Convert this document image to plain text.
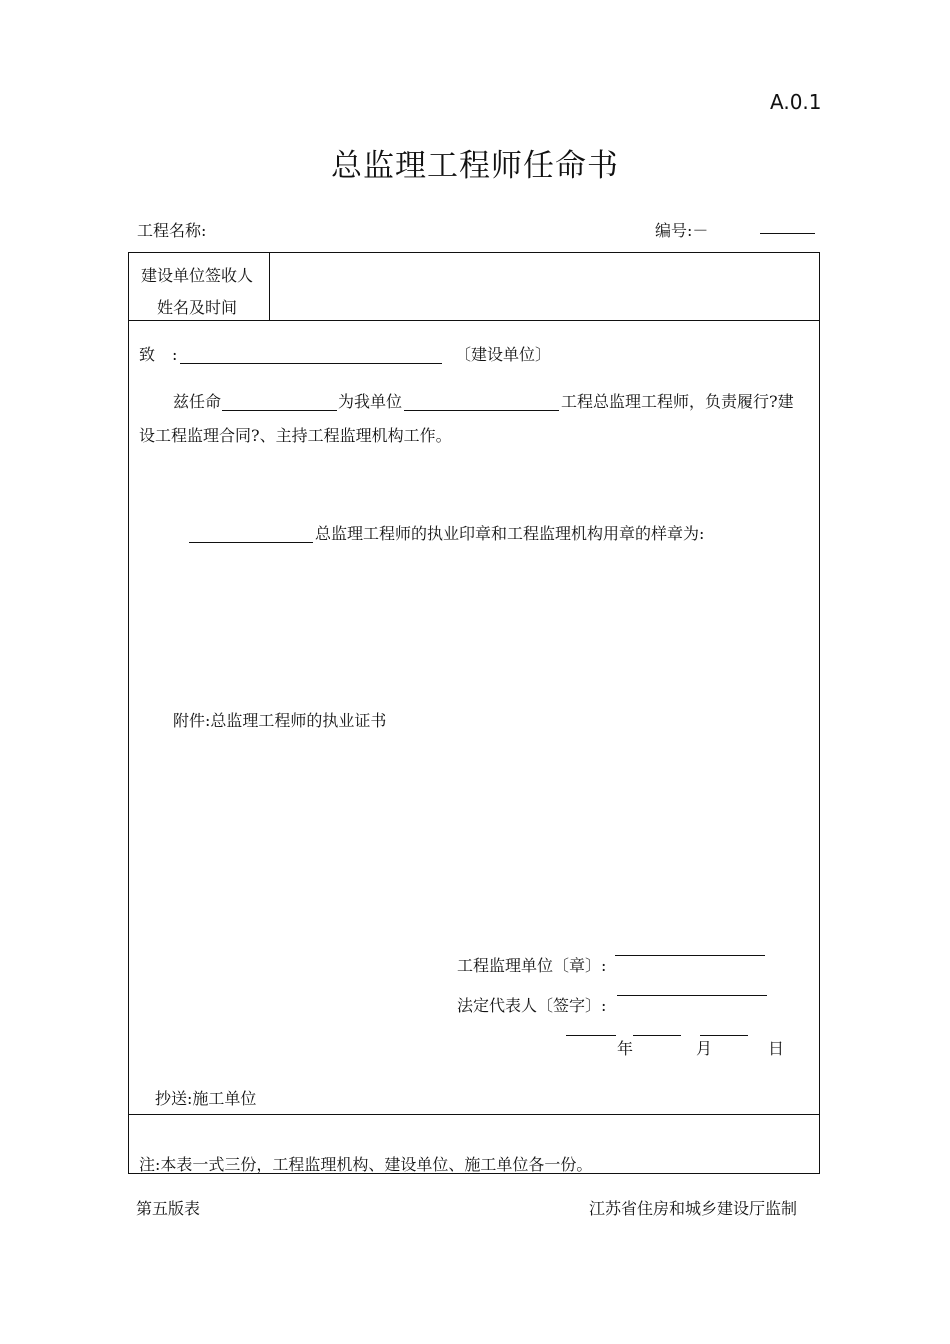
A.0.1
总监理工程师任命书
工程名称:	编号:－
建设单位签收人
姓名及时间
致 :	〔建设单位〕
兹任命	为我单位	工程总监理工程师，负责履行?建
设工程监理合同?、主持工程监理机构工作。
总监理工程师的执业印章和工程监理机构用章的样章为:
附件:总监理工程师的执业证书
工程监理单位〔章〕:
法定代表人〔签字〕:
年	月	日
抄送:施工单位
注:本表一式三份，工程监理机构、建设单位、施工单位各一份。
第五版表	江苏省住房和城乡建设厅监制
